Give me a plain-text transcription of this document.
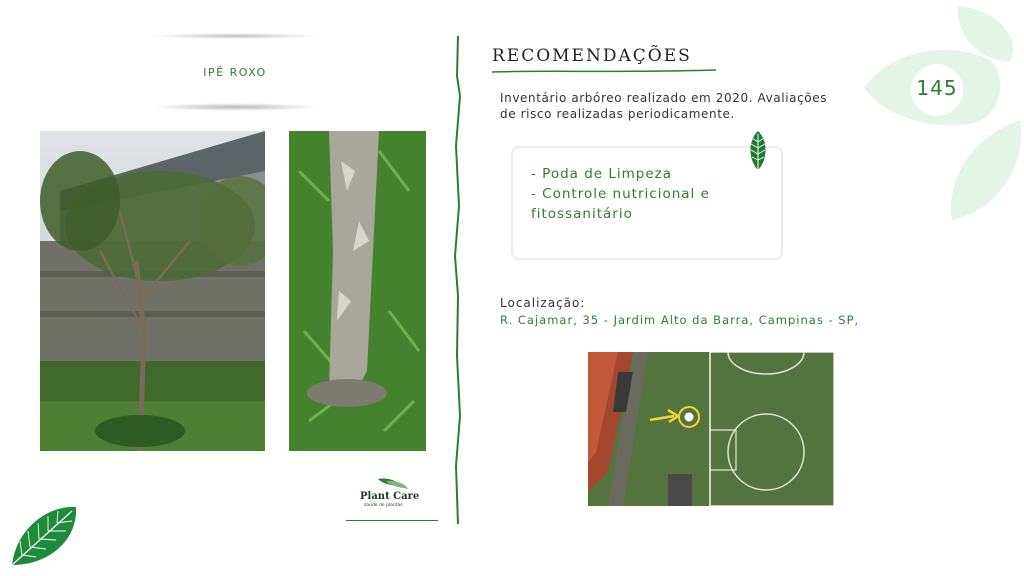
145
IPÊ ROXO
Plant Care
saúde de plantas
RECOMENDAÇÕES
Inventário arbóreo realizado em 2020. Avaliações
de risco realizadas periodicamente.
- Poda de Limpeza
- Controle nutricional e
fitossanitário
Localização:
R. Cajamar, 35 - Jardim Alto da Barra, Campinas - SP,
